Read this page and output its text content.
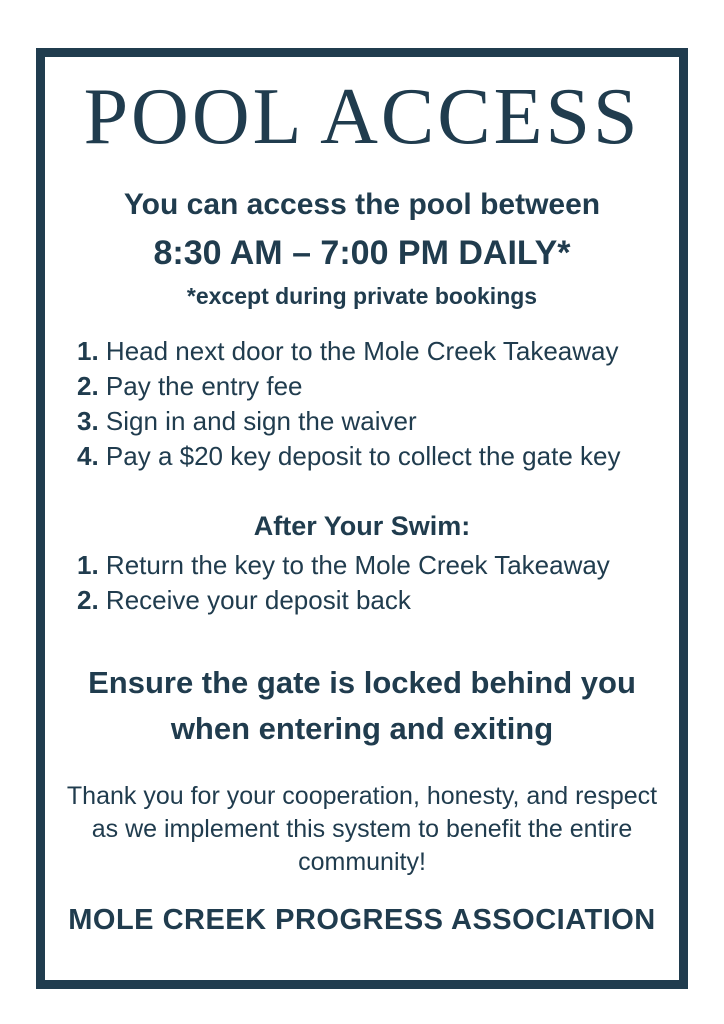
POOL ACCESS

You can access the pool between

8:30 AM – 7:00 PM DAILY*

*except during private bookings

1. Head next door to the Mole Creek Takeaway
2. Pay the entry fee
3. Sign in and sign the waiver
4. Pay a $20 key deposit to collect the gate key

After Your Swim:

1. Return the key to the Mole Creek Takeaway
2. Receive your deposit back

Ensure the gate is locked behind you
when entering and exiting

Thank you for your cooperation, honesty, and respect
as we implement this system to benefit the entire
community!

MOLE CREEK PROGRESS ASSOCIATION
